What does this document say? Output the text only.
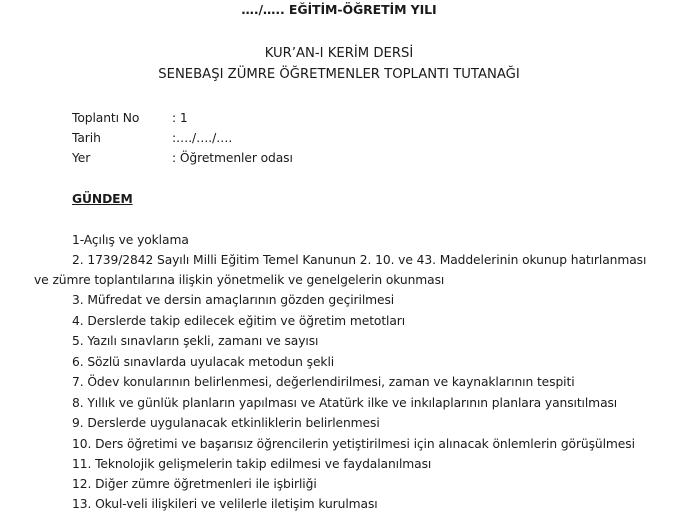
…./….. EĞİTİM-ÖĞRETİM YILI
KUR’AN-I KERİM DERSİ
SENEBAŞI ZÜMRE ÖĞRETMENLER TOPLANTI TUTANAĞI
Toplantı No	: 1
Tarih	:…./…./….
Yer	: Öğretmenler odası
GÜNDEM
1-Açılış ve yoklama
2. 1739/2842 Sayılı Milli Eğitim Temel Kanunun 2. 10. ve 43. Maddelerinin okunup hatırlanması
ve zümre toplantılarına ilişkin yönetmelik ve genelgelerin okunması
3. Müfredat ve dersin amaçlarının gözden geçirilmesi
4. Derslerde takip edilecek eğitim ve öğretim metotları
5. Yazılı sınavların şekli, zamanı ve sayısı
6. Sözlü sınavlarda uyulacak metodun şekli
7. Ödev konularının belirlenmesi, değerlendirilmesi, zaman ve kaynaklarının tespiti
8. Yıllık ve günlük planların yapılması ve Atatürk ilke ve inkılaplarının planlara yansıtılması
9. Derslerde uygulanacak etkinliklerin belirlenmesi
10. Ders öğretimi ve başarısız öğrencilerin yetiştirilmesi için alınacak önlemlerin görüşülmesi
11. Teknolojik gelişmelerin takip edilmesi ve faydalanılması
12. Diğer zümre öğretmenleri ile işbirliği
13. Okul-veli ilişkileri ve velilerle iletişim kurulması
